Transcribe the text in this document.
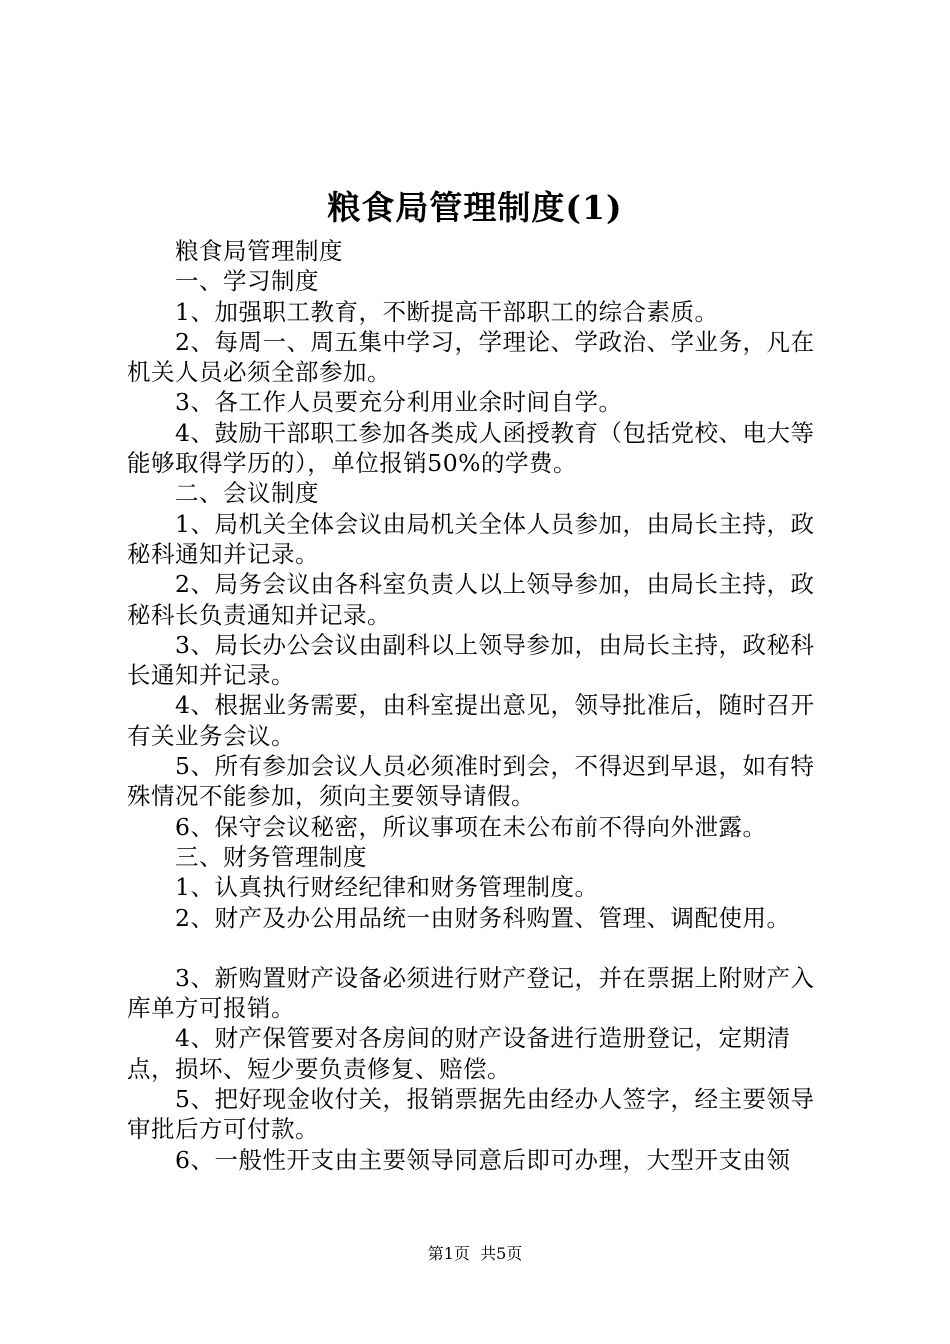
粮食局管理制度(1)

粮食局管理制度

一、学习制度

1、加强职工教育，不断提高干部职工的综合素质。

2、每周一、周五集中学习，学理论、学政治、学业务，凡在机关人员必须全部参加。

3、各工作人员要充分利用业余时间自学。

4、鼓励干部职工参加各类成人函授教育（包括党校、电大等能够取得学历的），单位报销50%的学费。

二、会议制度

1、局机关全体会议由局机关全体人员参加，由局长主持，政秘科通知并记录。

2、局务会议由各科室负责人以上领导参加，由局长主持，政秘科长负责通知并记录。

3、局长办公会议由副科以上领导参加，由局长主持，政秘科长通知并记录。

4、根据业务需要，由科室提出意见，领导批准后，随时召开有关业务会议。

5、所有参加会议人员必须准时到会，不得迟到早退，如有特殊情况不能参加，须向主要领导请假。

6、保守会议秘密，所议事项在未公布前不得向外泄露。

三、财务管理制度

1、认真执行财经纪律和财务管理制度。

2、财产及办公用品统一由财务科购置、管理、调配使用。

3、新购置财产设备必须进行财产登记，并在票据上附财产入库单方可报销。

4、财产保管要对各房间的财产设备进行造册登记，定期清点，损坏、短少要负责修复、赔偿。

5、把好现金收付关，报销票据先由经办人签字，经主要领导审批后方可付款。

6、一般性开支由主要领导同意后即可办理，大型开支由领

第1页  共5页
